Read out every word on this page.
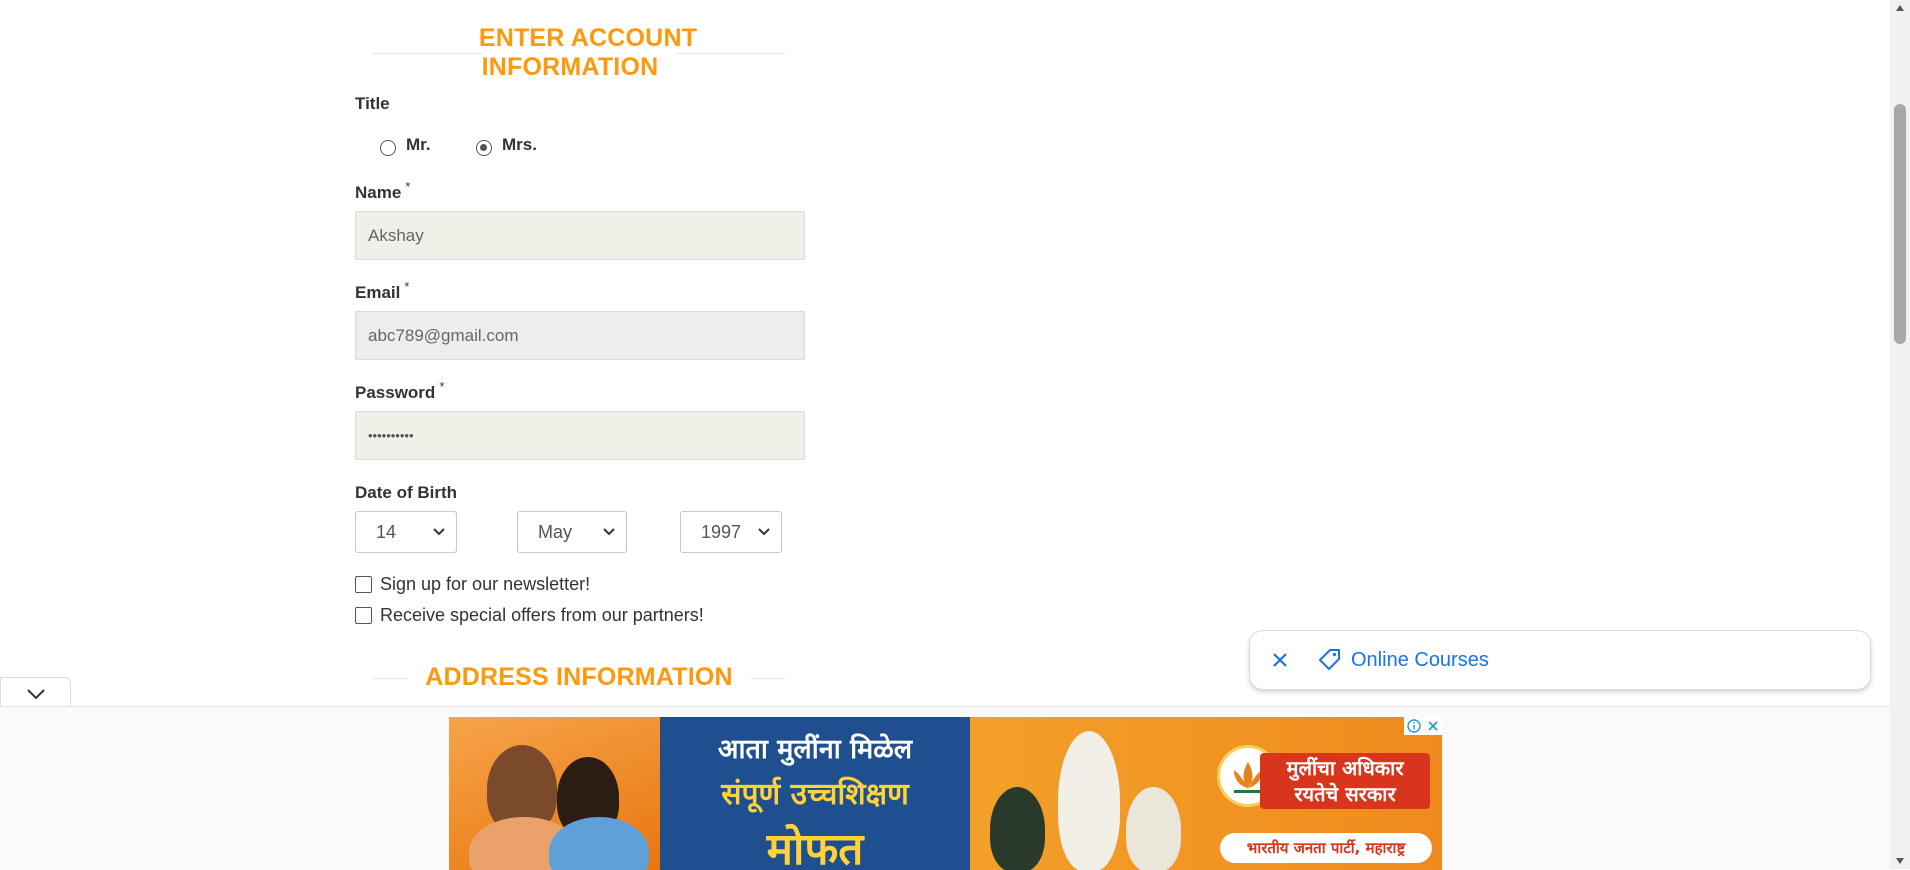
ENTER ACCOUNT INFORMATION
Title
Mr.	Mrs.
Name *
Akshay
Email *
abc789@gmail.com
Password *
••••••••••
Date of Birth
14	May	1997
Sign up for our newsletter!
Receive special offers from our partners!
ADDRESS INFORMATION
Online Courses
आता मुलींना मिळेल
संपूर्ण उच्चशिक्षण
मोफत
मुलींचा अधिकार
रयतेचे सरकार
भारतीय जनता पार्टी, महाराष्ट्र
